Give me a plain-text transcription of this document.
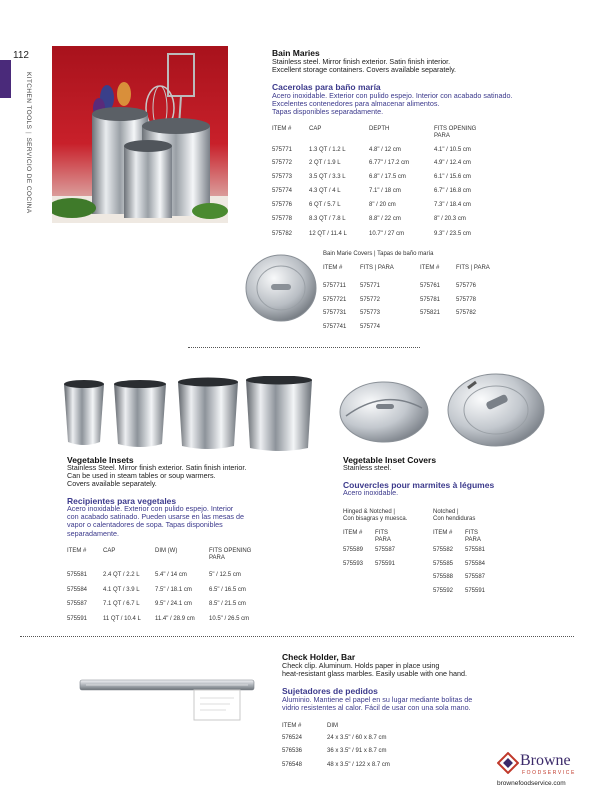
112
KITCHEN TOOLS|SERVICIO DE COCINA
Bain Maries
Stainless steel. Mirror finish exterior. Satin finish interior.
Excellent storage containers. Covers available separately.
Cacerolas para baño maría
Acero inoxidable. Exterior con pulido espejo. Interior con acabado satinado.
Excelentes contenedores para almacenar alimentos.
Tapas disponibles separadamente.
ITEM #	CAP	DEPTH	FITS OPENING
PARA
575771	1.3 QT / 1.2 L	4.8" / 12 cm	4.1" / 10.5 cm
575772	2 QT / 1.9 L	6.77" / 17.2 cm	4.9" / 12.4 cm
575773	3.5 QT / 3.3 L	6.8" / 17.5 cm	6.1" / 15.6 cm
575774	4.3 QT / 4 L	7.1" / 18 cm	6.7" / 16.8 cm
575776	6 QT / 5.7 L	8" / 20 cm	7.3" / 18.4 cm
575778	8.3 QT / 7.8 L	8.8" / 22 cm	8" / 20.3 cm
575782	12 QT / 11.4 L	10.7" / 27 cm	9.3" / 23.5 cm
Bain Marie Covers | Tapas de baño maría
ITEM #	FITS | PARA	ITEM #	FITS | PARA
5757711 575771	575761	575776
5757721 575772	575781	575778
5757731 575773	575821	575782
5757741 575774
Vegetable Insets
Stainless Steel. Mirror finish exterior. Satin finish interior.
Can be used in steam tables or soup warmers.
Covers available separately.
Recipientes para vegetales
Acero inoxidable. Exterior con pulido espejo. Interior
con acabado satinado. Pueden usarse en las mesas de
vapor o calentadores de sopa. Tapas disponibles
separadamente.
ITEM #	CAP	DIM (W)	FITS OPENING
PARA
575581	2.4 QT / 2.2 L	5.4" / 14 cm	5" / 12.5 cm
575584	4.1 QT / 3.9 L	7.5" / 18.1 cm	6.5" / 16.5 cm
575587	7.1 QT / 6.7 L	9.5" / 24.1 cm	8.5" / 21.5 cm
575591	11 QT / 10.4 L 11.4" / 28.9 cm 10.5" / 26.5 cm
Vegetable Inset Covers
Stainless steel.
Couvercles pour marmites à légumes
Acero inoxidable.
Hinged & Notched |
Con bisagras y muesca.
Notched |
Con hendiduras
ITEM # FITS
PARA
ITEM # FITS
PARA
575589 575587
575593 575591
575582 575581
575585 575584
575588 575587
575592 575591
Check Holder, Bar
Check clip. Aluminum. Holds paper in place using
heat-resistant glass marbles. Easily usable with one hand.
Sujetadores de pedidos
Aluminio. Mantiene el papel en su lugar mediante bolitas de
vidrio resistentes al calor. Fácil de usar con una sola mano.
ITEM #	DIM
576524	24 x 3.5" / 60 x 8.7 cm
576536	36 x 3.5" / 91 x 8.7 cm
576548	48 x 3.5" / 122 x 8.7 cm	Browne
FOODSERVICE
brownefoodservice.com
